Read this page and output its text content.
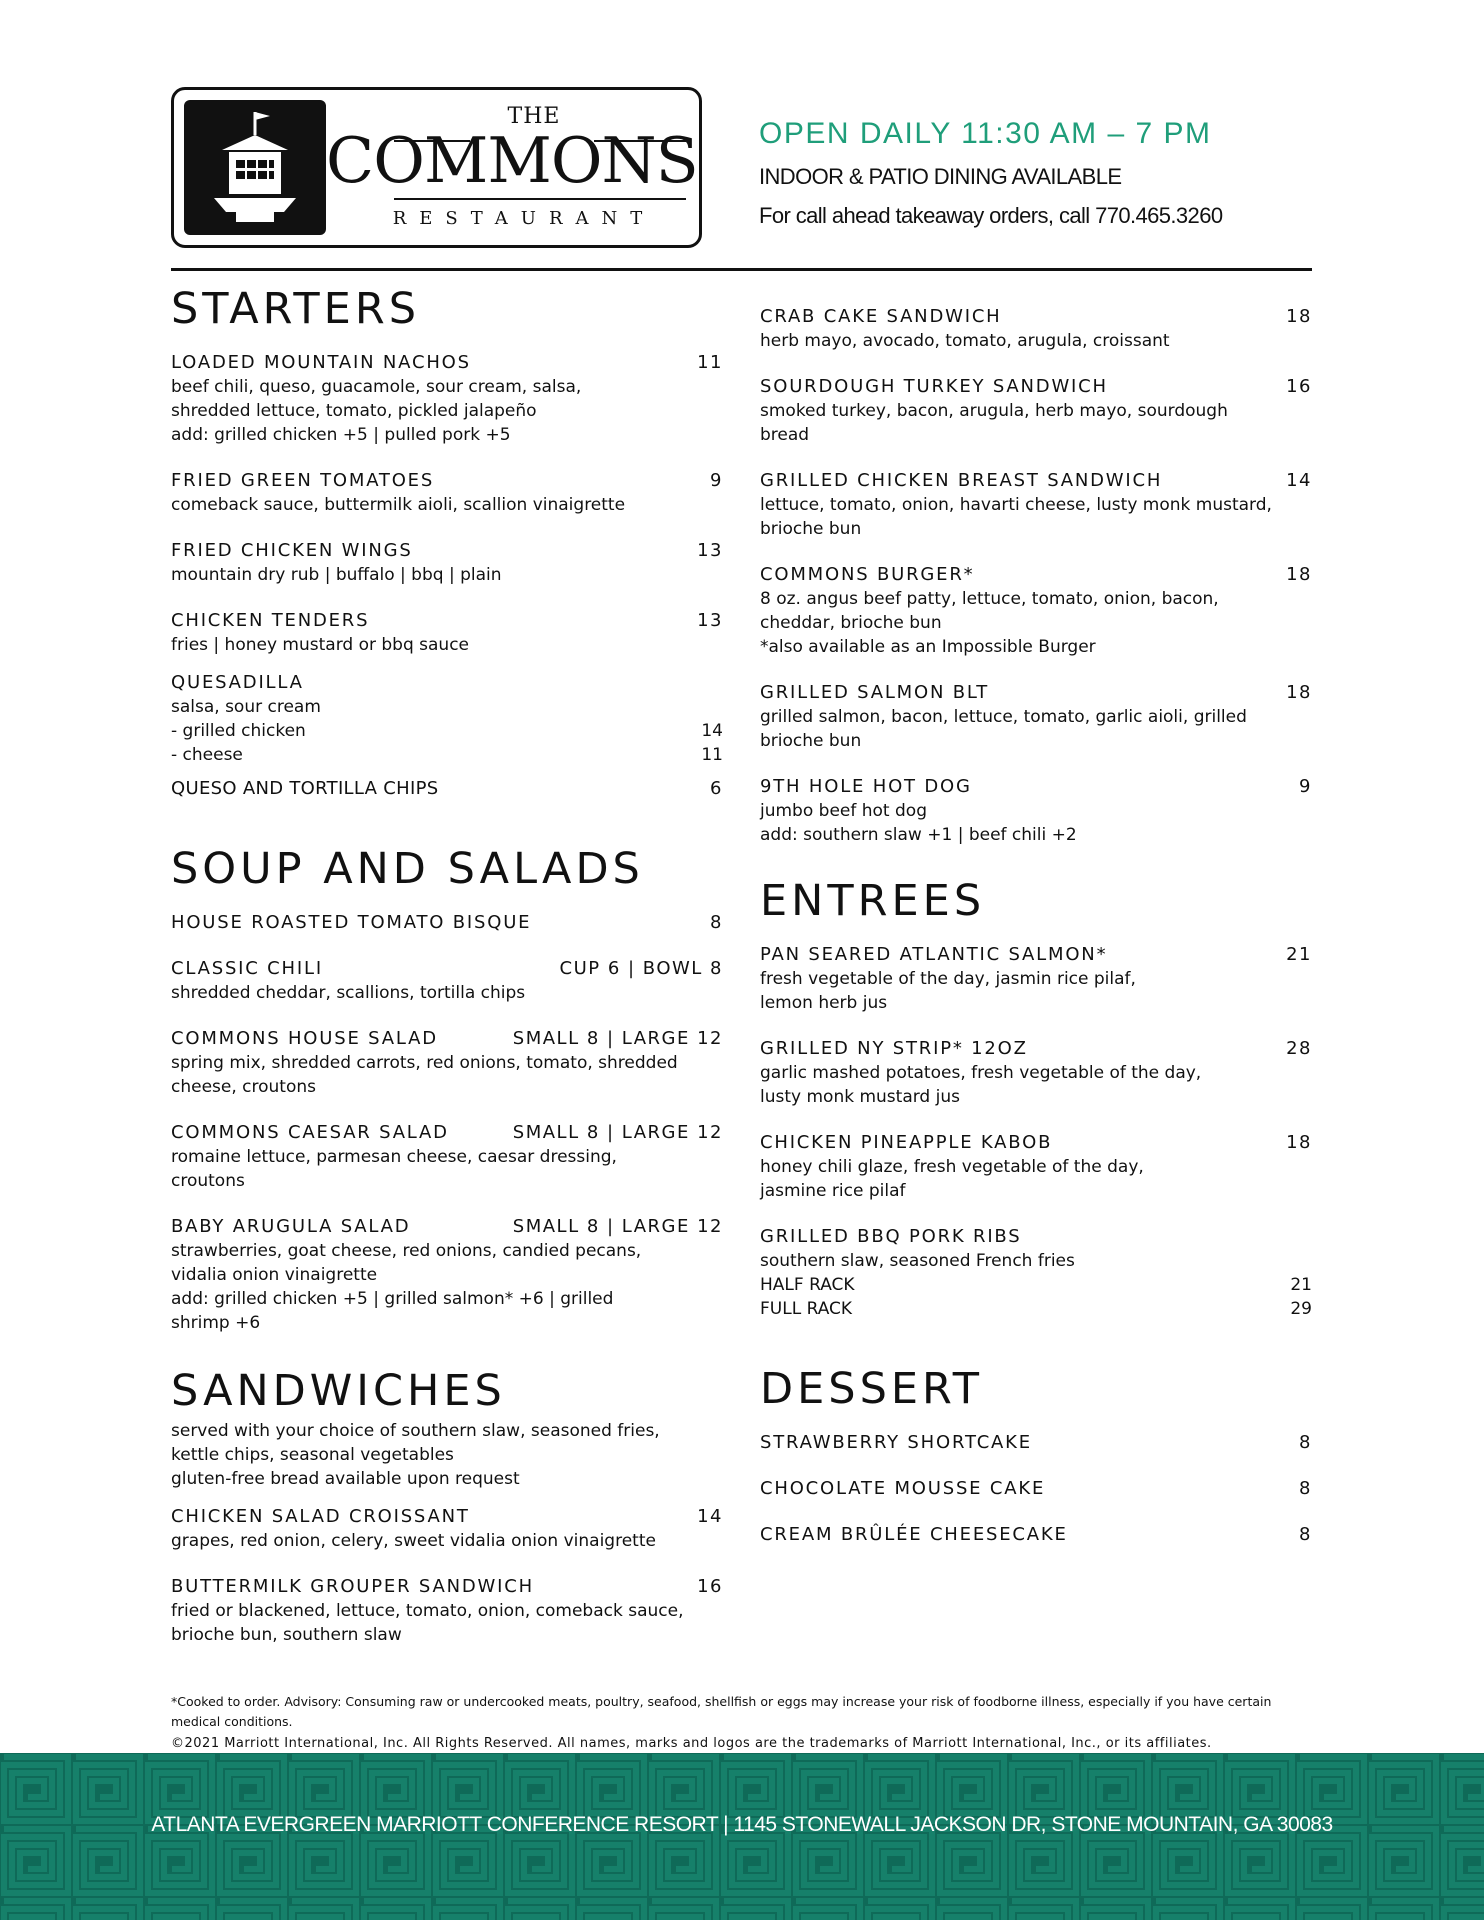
THE
COMMONS
RESTAURANT
OPEN DAILY 11:30 AM – 7 PM
INDOOR & PATIO DINING AVAILABLE
For call ahead takeaway orders, call 770.465.3260
STARTERS
LOADED MOUNTAIN NACHOS	11
beef chili, queso, guacamole, sour cream, salsa,
shredded lettuce, tomato, pickled jalapeño
add: grilled chicken +5 | pulled pork +5
FRIED GREEN TOMATOES	9
comeback sauce, buttermilk aioli, scallion vinaigrette
FRIED CHICKEN WINGS	13
mountain dry rub | buffalo | bbq | plain
CHICKEN TENDERS	13
fries | honey mustard or bbq sauce
QUESADILLA
salsa, sour cream
- grilled chicken	14
- cheese	11
QUESO AND TORTILLA CHIPS	6
SOUP AND SALADS
HOUSE ROASTED TOMATO BISQUE	8
CLASSIC CHILI	CUP 6 | BOWL 8
shredded cheddar, scallions, tortilla chips
COMMONS HOUSE SALAD	SMALL 8 | LARGE 12
spring mix, shredded carrots, red onions, tomato, shredded
cheese, croutons
COMMONS CAESAR SALAD	SMALL 8 | LARGE 12
romaine lettuce, parmesan cheese, caesar dressing,
croutons
BABY ARUGULA SALAD	SMALL 8 | LARGE 12
strawberries, goat cheese, red onions, candied pecans,
vidalia onion vinaigrette
add: grilled chicken +5 | grilled salmon* +6 | grilled
shrimp +6
SANDWICHES
served with your choice of southern slaw, seasoned fries,
kettle chips, seasonal vegetables
gluten-free bread available upon request
CHICKEN SALAD CROISSANT	14
grapes, red onion, celery, sweet vidalia onion vinaigrette
BUTTERMILK GROUPER SANDWICH	16
fried or blackened, lettuce, tomato, onion, comeback sauce,
brioche bun, southern slaw
CRAB CAKE SANDWICH	18
herb mayo, avocado, tomato, arugula, croissant
SOURDOUGH TURKEY SANDWICH	16
smoked turkey, bacon, arugula, herb mayo, sourdough
bread
GRILLED CHICKEN BREAST SANDWICH	14
lettuce, tomato, onion, havarti cheese, lusty monk mustard,
brioche bun
COMMONS BURGER*	18
8 oz. angus beef patty, lettuce, tomato, onion, bacon,
cheddar, brioche bun
*also available as an Impossible Burger
GRILLED SALMON BLT	18
grilled salmon, bacon, lettuce, tomato, garlic aioli, grilled
brioche bun
9TH HOLE HOT DOG	9
jumbo beef hot dog
add: southern slaw +1 | beef chili +2
ENTREES
PAN SEARED ATLANTIC SALMON*	21
fresh vegetable of the day, jasmin rice pilaf,
lemon herb jus
GRILLED NY STRIP* 12OZ	28
garlic mashed potatoes, fresh vegetable of the day,
lusty monk mustard jus
CHICKEN PINEAPPLE KABOB	18
honey chili glaze, fresh vegetable of the day,
jasmine rice pilaf
GRILLED BBQ PORK RIBS
southern slaw, seasoned French fries
HALF RACK	21
FULL RACK	29
DESSERT
STRAWBERRY SHORTCAKE	8
CHOCOLATE MOUSSE CAKE	8
CREAM BRÛLÉE CHEESECAKE	8
*Cooked to order. Advisory: Consuming raw or undercooked meats, poultry, seafood, shellfish or eggs may increase your risk of foodborne illness, especially if you have certain medical conditions.
©2021 Marriott International, Inc. All Rights Reserved. All names, marks and logos are the trademarks of Marriott International, Inc., or its affiliates.
ATLANTA EVERGREEN MARRIOTT CONFERENCE RESORT | 1145 STONEWALL JACKSON DR, STONE MOUNTAIN, GA 30083
